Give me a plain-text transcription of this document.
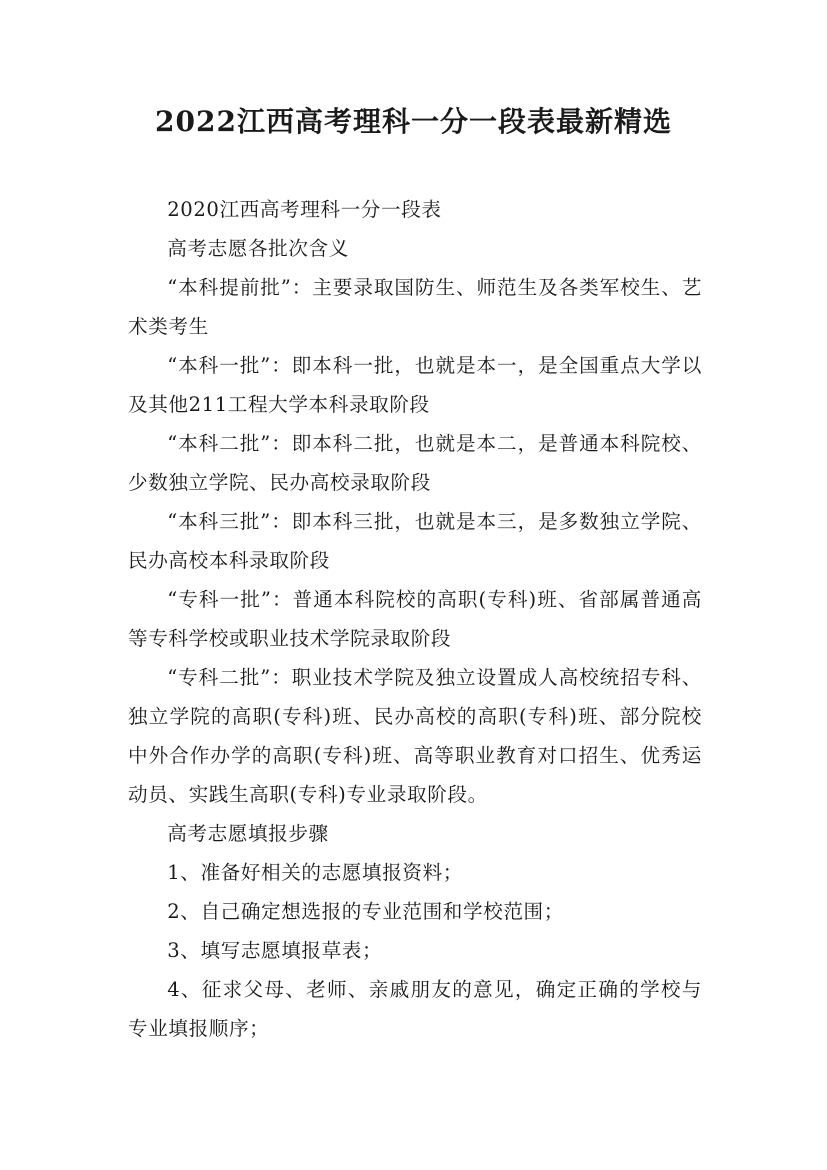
2022江西高考理科一分一段表最新精选

2020江西高考理科一分一段表

高考志愿各批次含义

“本科提前批”：主要录取国防生、师范生及各类军校生、艺术类考生

“本科一批”：即本科一批，也就是本一，是全国重点大学以及其他211工程大学本科录取阶段

“本科二批”：即本科二批，也就是本二，是普通本科院校、少数独立学院、民办高校录取阶段

“本科三批”：即本科三批，也就是本三，是多数独立学院、民办高校本科录取阶段

“专科一批”：普通本科院校的高职(专科)班、省部属普通高等专科学校或职业技术学院录取阶段

“专科二批”：职业技术学院及独立设置成人高校统招专科、独立学院的高职(专科)班、民办高校的高职(专科)班、部分院校中外合作办学的高职(专科)班、高等职业教育对口招生、优秀运动员、实践生高职(专科)专业录取阶段。

高考志愿填报步骤

1、准备好相关的志愿填报资料；

2、自己确定想选报的专业范围和学校范围；

3、填写志愿填报草表；

4、征求父母、老师、亲戚朋友的意见，确定正确的学校与专业填报顺序；
